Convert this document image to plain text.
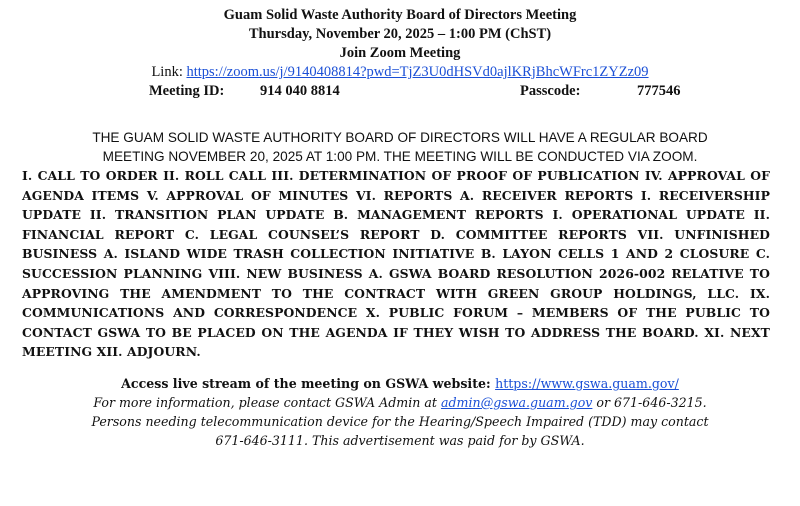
Guam Solid Waste Authority Board of Directors Meeting
Thursday, November 20, 2025 – 1:00 PM (ChST)
Join Zoom Meeting
Link: https://zoom.us/j/9140408814?pwd=TjZ3U0dHSVd0ajlKRjBhcWFrc1ZYZz09
Meeting ID: 914 040 8814	Passcode:	777546
THE GUAM SOLID WASTE AUTHORITY BOARD OF DIRECTORS WILL HAVE A REGULAR BOARD
MEETING NOVEMBER 20, 2025 AT 1:00 PM. THE MEETING WILL BE CONDUCTED VIA ZOOM.
I. CALL TO ORDER II. ROLL CALL III. DETERMINATION OF PROOF OF PUBLICATION IV. APPROVAL OF AGENDA ITEMS V. APPROVAL OF MINUTES VI. REPORTS A. RECEIVER REPORTS I. RECEIVERSHIP UPDATE II. TRANSITION PLAN UPDATE B. MANAGEMENT REPORTS I. OPERATIONAL UPDATE II. FINANCIAL REPORT C. LEGAL COUNSEL’S REPORT D. COMMITTEE REPORTS VII. UNFINISHED BUSINESS A. ISLAND WIDE TRASH COLLECTION INITIATIVE B. LAYON CELLS 1 AND 2 CLOSURE C. SUCCESSION PLANNING VIII. NEW BUSINESS A. GSWA BOARD RESOLUTION 2026-002 RELATIVE TO APPROVING THE AMENDMENT TO THE CONTRACT WITH GREEN GROUP HOLDINGS, LLC. IX. COMMUNICATIONS AND CORRESPONDENCE X. PUBLIC FORUM – MEMBERS OF THE PUBLIC TO CONTACT GSWA TO BE PLACED ON THE AGENDA IF THEY WISH TO ADDRESS THE BOARD. XI. NEXT MEETING XII. ADJOURN.
Access live stream of the meeting on GSWA website: https://www.gswa.guam.gov/
For more information, please contact GSWA Admin at admin@gswa.guam.gov or 671-646-3215.
Persons needing telecommunication device for the Hearing/Speech Impaired (TDD) may contact
671-646-3111. This advertisement was paid for by GSWA.
